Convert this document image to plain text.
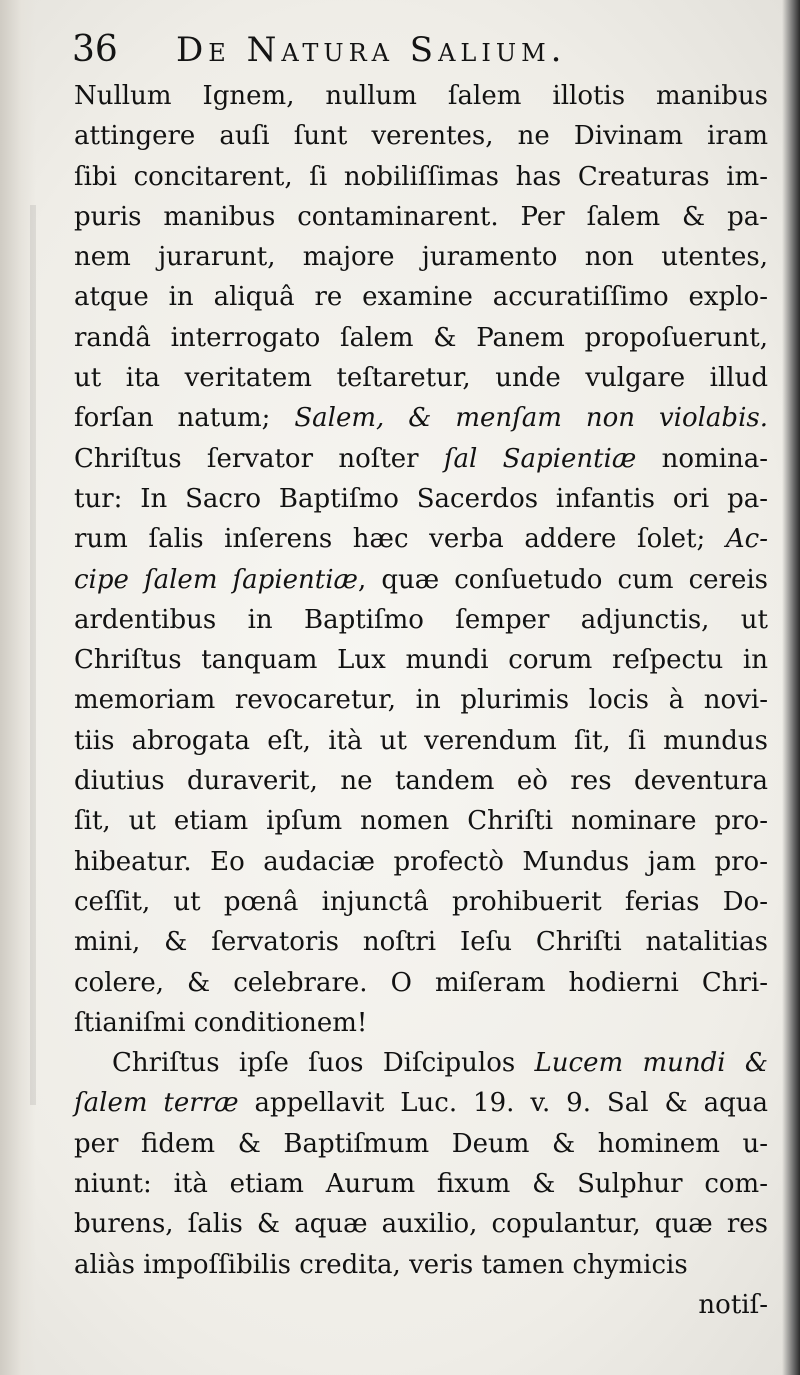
36 De Natura Salium.
Nullum Ignem, nullum ſalem illotis manibus
attingere auſi ſunt verentes, ne Divinam iram
ſibi concitarent, ſi nobiliſſimas has Creaturas im-
puris manibus contaminarent. Per ſalem & pa-
nem jurarunt, majore juramento non utentes,
atque in aliquâ re examine accuratiſſimo explo-
randâ interrogato ſalem & Panem propoſuerunt,
ut ita veritatem teſtaretur, unde vulgare illud
forſan natum; Salem, & menſam non violabis.
Chriſtus ſervator noſter ſal Sapientiæ nomina-
tur: In Sacro Baptiſmo Sacerdos infantis ori pa-
rum ſalis inſerens hæc verba addere ſolet; Ac-
cipe ſalem ſapientiæ, quæ conſuetudo cum cereis
ardentibus in Baptiſmo ſemper adjunctis, ut
Chriſtus tanquam Lux mundi corum reſpectu in
memoriam revocaretur, in plurimis locis à novi-
tiis abrogata eſt, ità ut verendum ſit, ſi mundus
diutius duraverit, ne tandem eò res deventura
ſit, ut etiam ipſum nomen Chriſti nominare pro-
hibeatur. Eo audaciæ profectò Mundus jam pro-
ceſſit, ut pœnâ injunctâ prohibuerit ferias Do-
mini, & ſervatoris noſtri Ieſu Chriſti natalitias
colere, & celebrare. O miſeram hodierni Chri-
ſtianiſmi conditionem!
Chriſtus ipſe ſuos Diſcipulos Lucem mundi &
ſalem terræ appellavit Luc. 19. v. 9. Sal & aqua
per fidem & Baptiſmum Deum & hominem u-
niunt: ità etiam Aurum fixum & Sulphur com-
burens, ſalis & aquæ auxilio, copulantur, quæ res
aliàs impoſſibilis credita, veris tamen chymicis
notiſ-
